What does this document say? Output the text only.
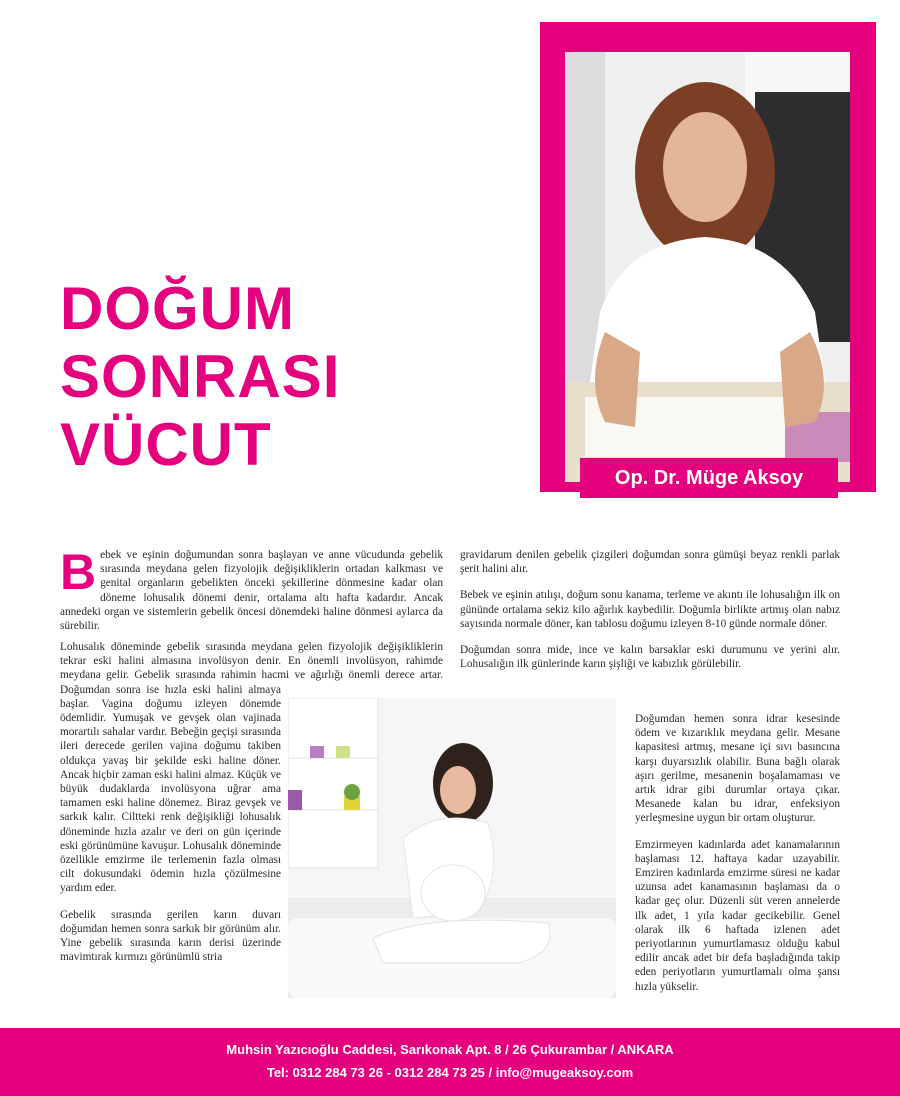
DOĞUM
SONRASI
VÜCUT	Op. Dr. Müge Aksoy

Bebek ve eşinin doğumundan sonra başlayan ve anne vücudunda gebelik sırasında meydana gelen fizyolojik değişikliklerin ortadan kalkması ve genital organların gebelikten önceki şekillerine dönmesine kadar olan döneme lohusalık dönemi denir, ortalama altı hafta kadardır. Ancak annedeki organ ve sistemlerin gebelik öncesi dönemdeki haline dönmesi aylarca da sürebilir.

Lohusalık döneminde gebelik sırasında meydana gelen fizyolojik değişikliklerin tekrar eski halini almasına involüsyon denir. En önemli involüsyon, rahimde meydana gelir. Gebelik sırasında rahimin hacmi ve ağırlığı önemli derece artar. Doğumdan sonra ise hızla eski halini almaya başlar. Vagina doğumu izleyen dönemde ödemlidir. Yumuşak ve gevşek olan vajinada morartılı sahalar vardır. Bebeğin geçişi sırasında ileri derecede gerilen vajina doğumu takiben oldukça yavaş bir şekilde eski haline döner. Ancak hiçbir zaman eski halini almaz. Küçük ve büyük dudaklarda involüsyona uğrar ama tamamen eski haline dönemez. Biraz gevşek ve sarkık kalır. Ciltteki renk değişikliği lohusalık döneminde hızla azalır ve deri on gün içerinde eski görünümüne kavuşur. Lohusalık döneminde özellikle emzirme ile terlemenin fazla olması cilt dokusundaki ödemin hızla çözülmesine yardım eder.

Gebelik sırasında gerilen karın duvarı doğumdan hemen sonra sarkık bir görünüm alır. Yine gebelik sırasında karın derisi üzerinde mavimtırak kırmızı görünümlü stria

gravidarum denilen gebelik çizgileri doğumdan sonra gümüşi beyaz renkli parlak şerit halini alır.

Bebek ve eşinin atılışı, doğum sonu kanama, terleme ve akıntı ile lohusalığın ilk on gününde ortalama sekiz kilo ağırlık kaybedilir. Doğumla birlikte artmış olan nabız sayısında normale döner, kan tablosu doğumu izleyen 8-10 günde normale döner.

Doğumdan sonra mide, ince ve kalın barsaklar eski durumunu ve yerini alır. Lohusalığın ilk günlerinde karın şişliği ve kabızlık görülebilir.

Doğumdan hemen sonra idrar kesesinde ödem ve kızarıklık meydana gelir. Mesane kapasitesi artmış, mesane içi sıvı basıncına karşı duyarsızlık olabilir. Buna bağlı olarak aşırı gerilme, mesanenin boşalamaması ve artık idrar gibi durumlar ortaya çıkar. Mesanede kalan bu idrar, enfeksiyon yerleşmesine uygun bir ortam oluşturur.

Emzirmeyen kadınlarda adet kanamalarının başlaması 12. haftaya kadar uzayabilir. Emziren kadınlarda emzirme süresi ne kadar uzunsa adet kanamasının başlaması da o kadar geç olur. Düzenli süt veren annelerde ilk adet, 1 yıla kadar gecikebilir. Genel olarak ilk 6 haftada izlenen adet periyotlarının yumurtlamasız olduğu kabul edilir ancak adet bir defa başladığında takip eden periyotların yumurtlamalı olma şansı hızla yükselir.

Muhsin Yazıcıoğlu Caddesi, Sarıkonak Apt. 8 / 26 Çukurambar / ANKARA
Tel: 0312 284 73 26 - 0312 284 73 25 / info@mugeaksoy.com
